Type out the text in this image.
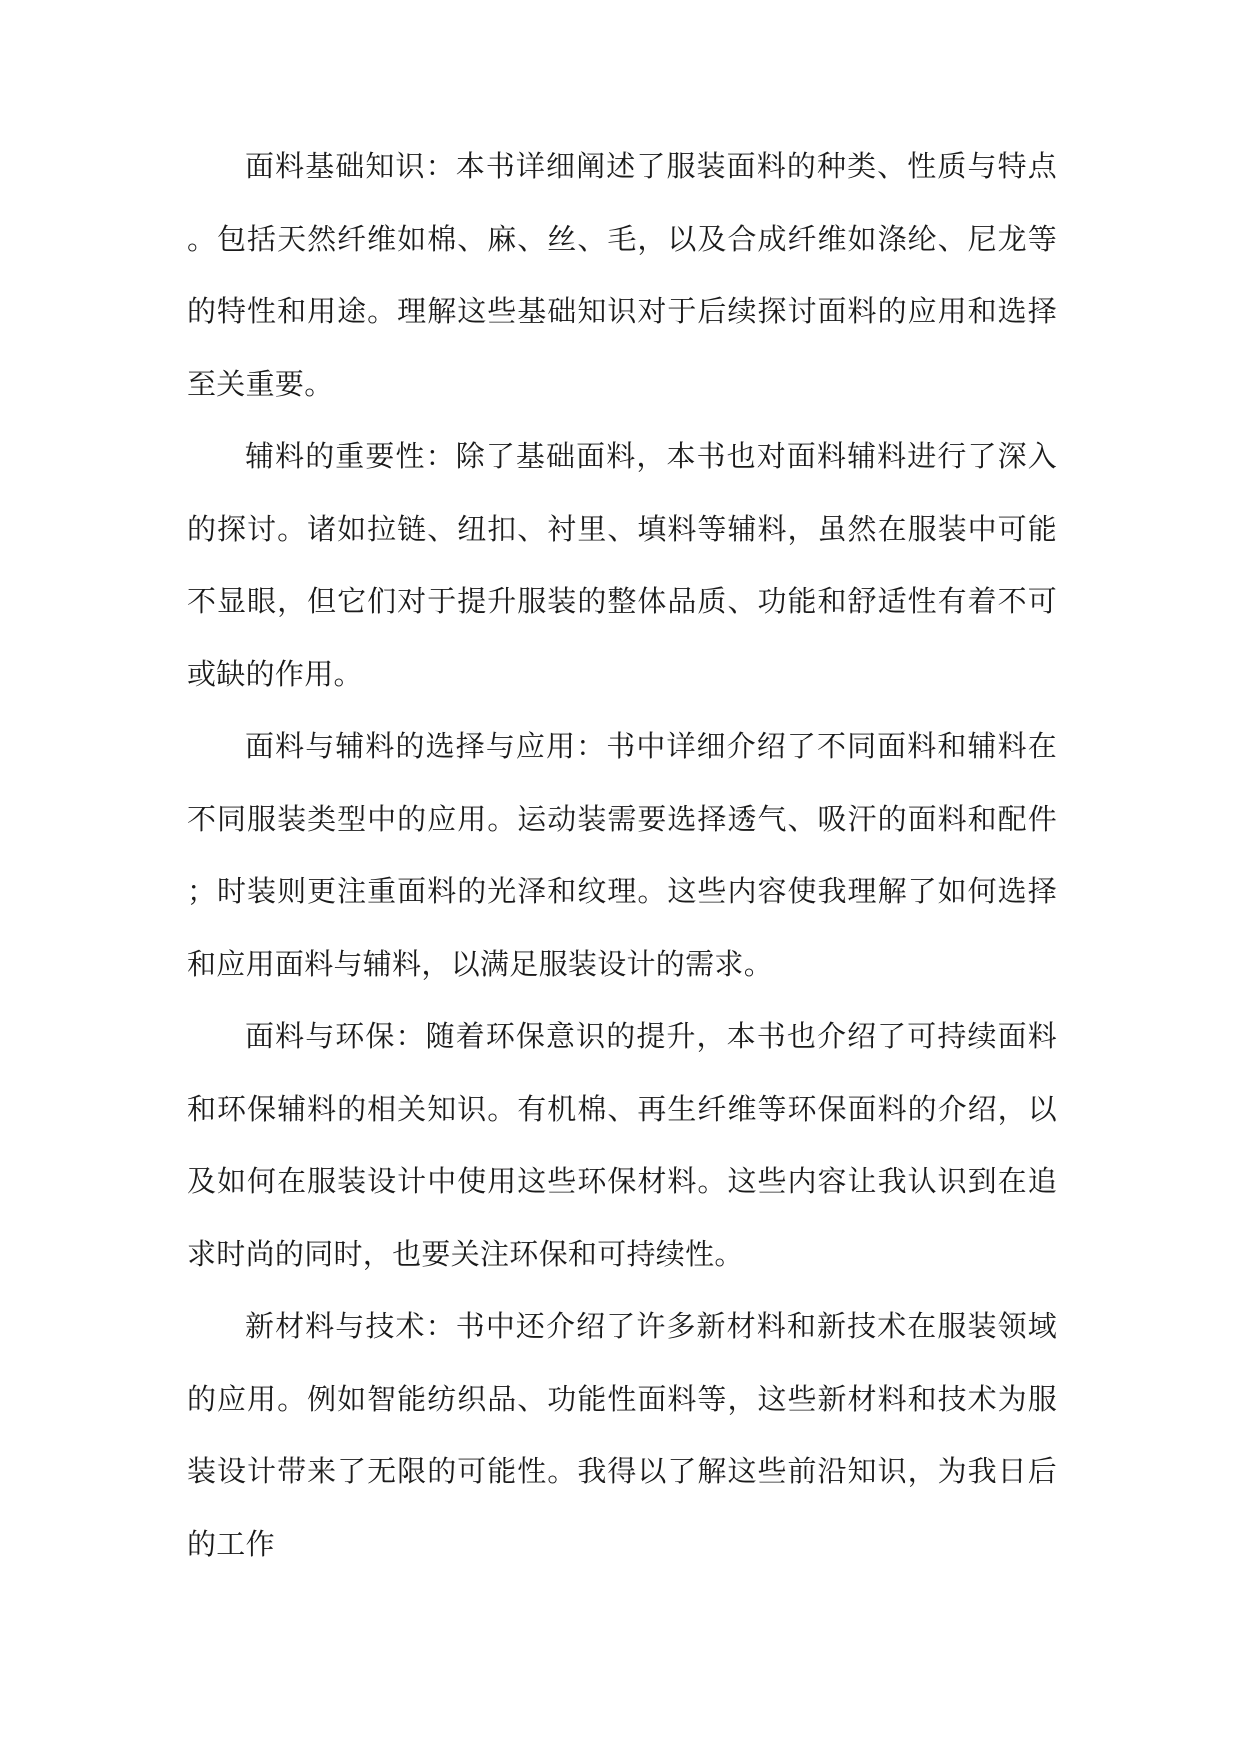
面料基础知识：本书详细阐述了服装面料的种类、性质与特点。包括天然纤维如棉、麻、丝、毛，以及合成纤维如涤纶、尼龙等的特性和用途。理解这些基础知识对于后续探讨面料的应用和选择至关重要。

辅料的重要性：除了基础面料，本书也对面料辅料进行了深入的探讨。诸如拉链、纽扣、衬里、填料等辅料，虽然在服装中可能不显眼，但它们对于提升服装的整体品质、功能和舒适性有着不可或缺的作用。

面料与辅料的选择与应用：书中详细介绍了不同面料和辅料在不同服装类型中的应用。运动装需要选择透气、吸汗的面料和配件；时装则更注重面料的光泽和纹理。这些内容使我理解了如何选择和应用面料与辅料，以满足服装设计的需求。

面料与环保：随着环保意识的提升，本书也介绍了可持续面料和环保辅料的相关知识。有机棉、再生纤维等环保面料的介绍，以及如何在服装设计中使用这些环保材料。这些内容让我认识到在追求时尚的同时，也要关注环保和可持续性。

新材料与技术：书中还介绍了许多新材料和新技术在服装领域的应用。例如智能纺织品、功能性面料等，这些新材料和技术为服装设计带来了无限的可能性。我得以了解这些前沿知识，为我日后的工作
